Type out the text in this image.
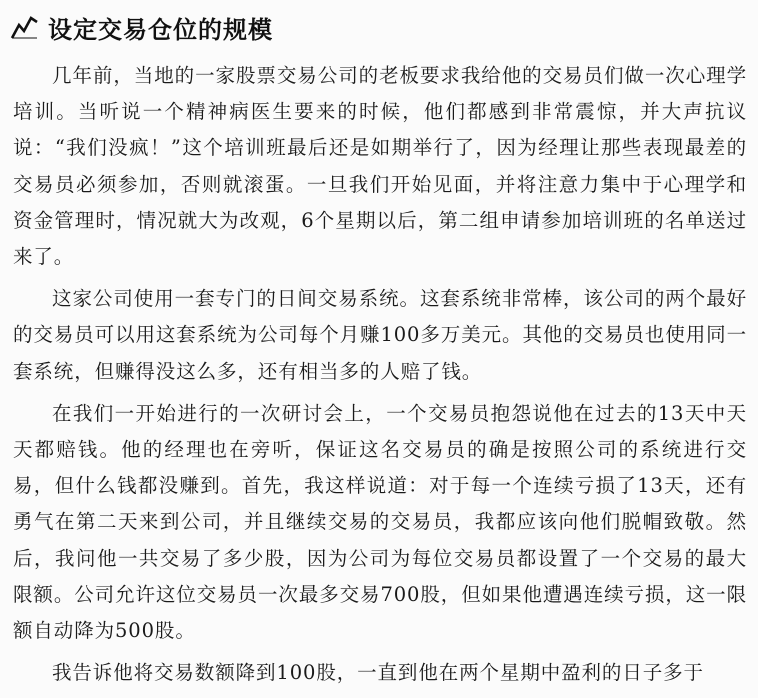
设定交易仓位的规模

几年前，当地的一家股票交易公司的老板要求我给他的交易员们做一次心理学培训。当听说一个精神病医生要来的时候，他们都感到非常震惊，并大声抗议说：“我们没疯！”这个培训班最后还是如期举行了，因为经理让那些表现最差的交易员必须参加，否则就滚蛋。一旦我们开始见面，并将注意力集中于心理学和资金管理时，情况就大为改观，6个星期以后，第二组申请参加培训班的名单送过来了。

这家公司使用一套专门的日间交易系统。这套系统非常棒，该公司的两个最好的交易员可以用这套系统为公司每个月赚100多万美元。其他的交易员也使用同一套系统，但赚得没这么多，还有相当多的人赔了钱。

在我们一开始进行的一次研讨会上，一个交易员抱怨说他在过去的13天中天天都赔钱。他的经理也在旁听，保证这名交易员的确是按照公司的系统进行交易，但什么钱都没赚到。首先，我这样说道：对于每一个连续亏损了13天，还有勇气在第二天来到公司，并且继续交易的交易员，我都应该向他们脱帽致敬。然后，我问他一共交易了多少股，因为公司为每位交易员都设置了一个交易的最大限额。公司允许这位交易员一次最多交易700股，但如果他遭遇连续亏损，这一限额自动降为500股。

我告诉他将交易数额降到100股，一直到他在两个星期中盈利的日子多于
